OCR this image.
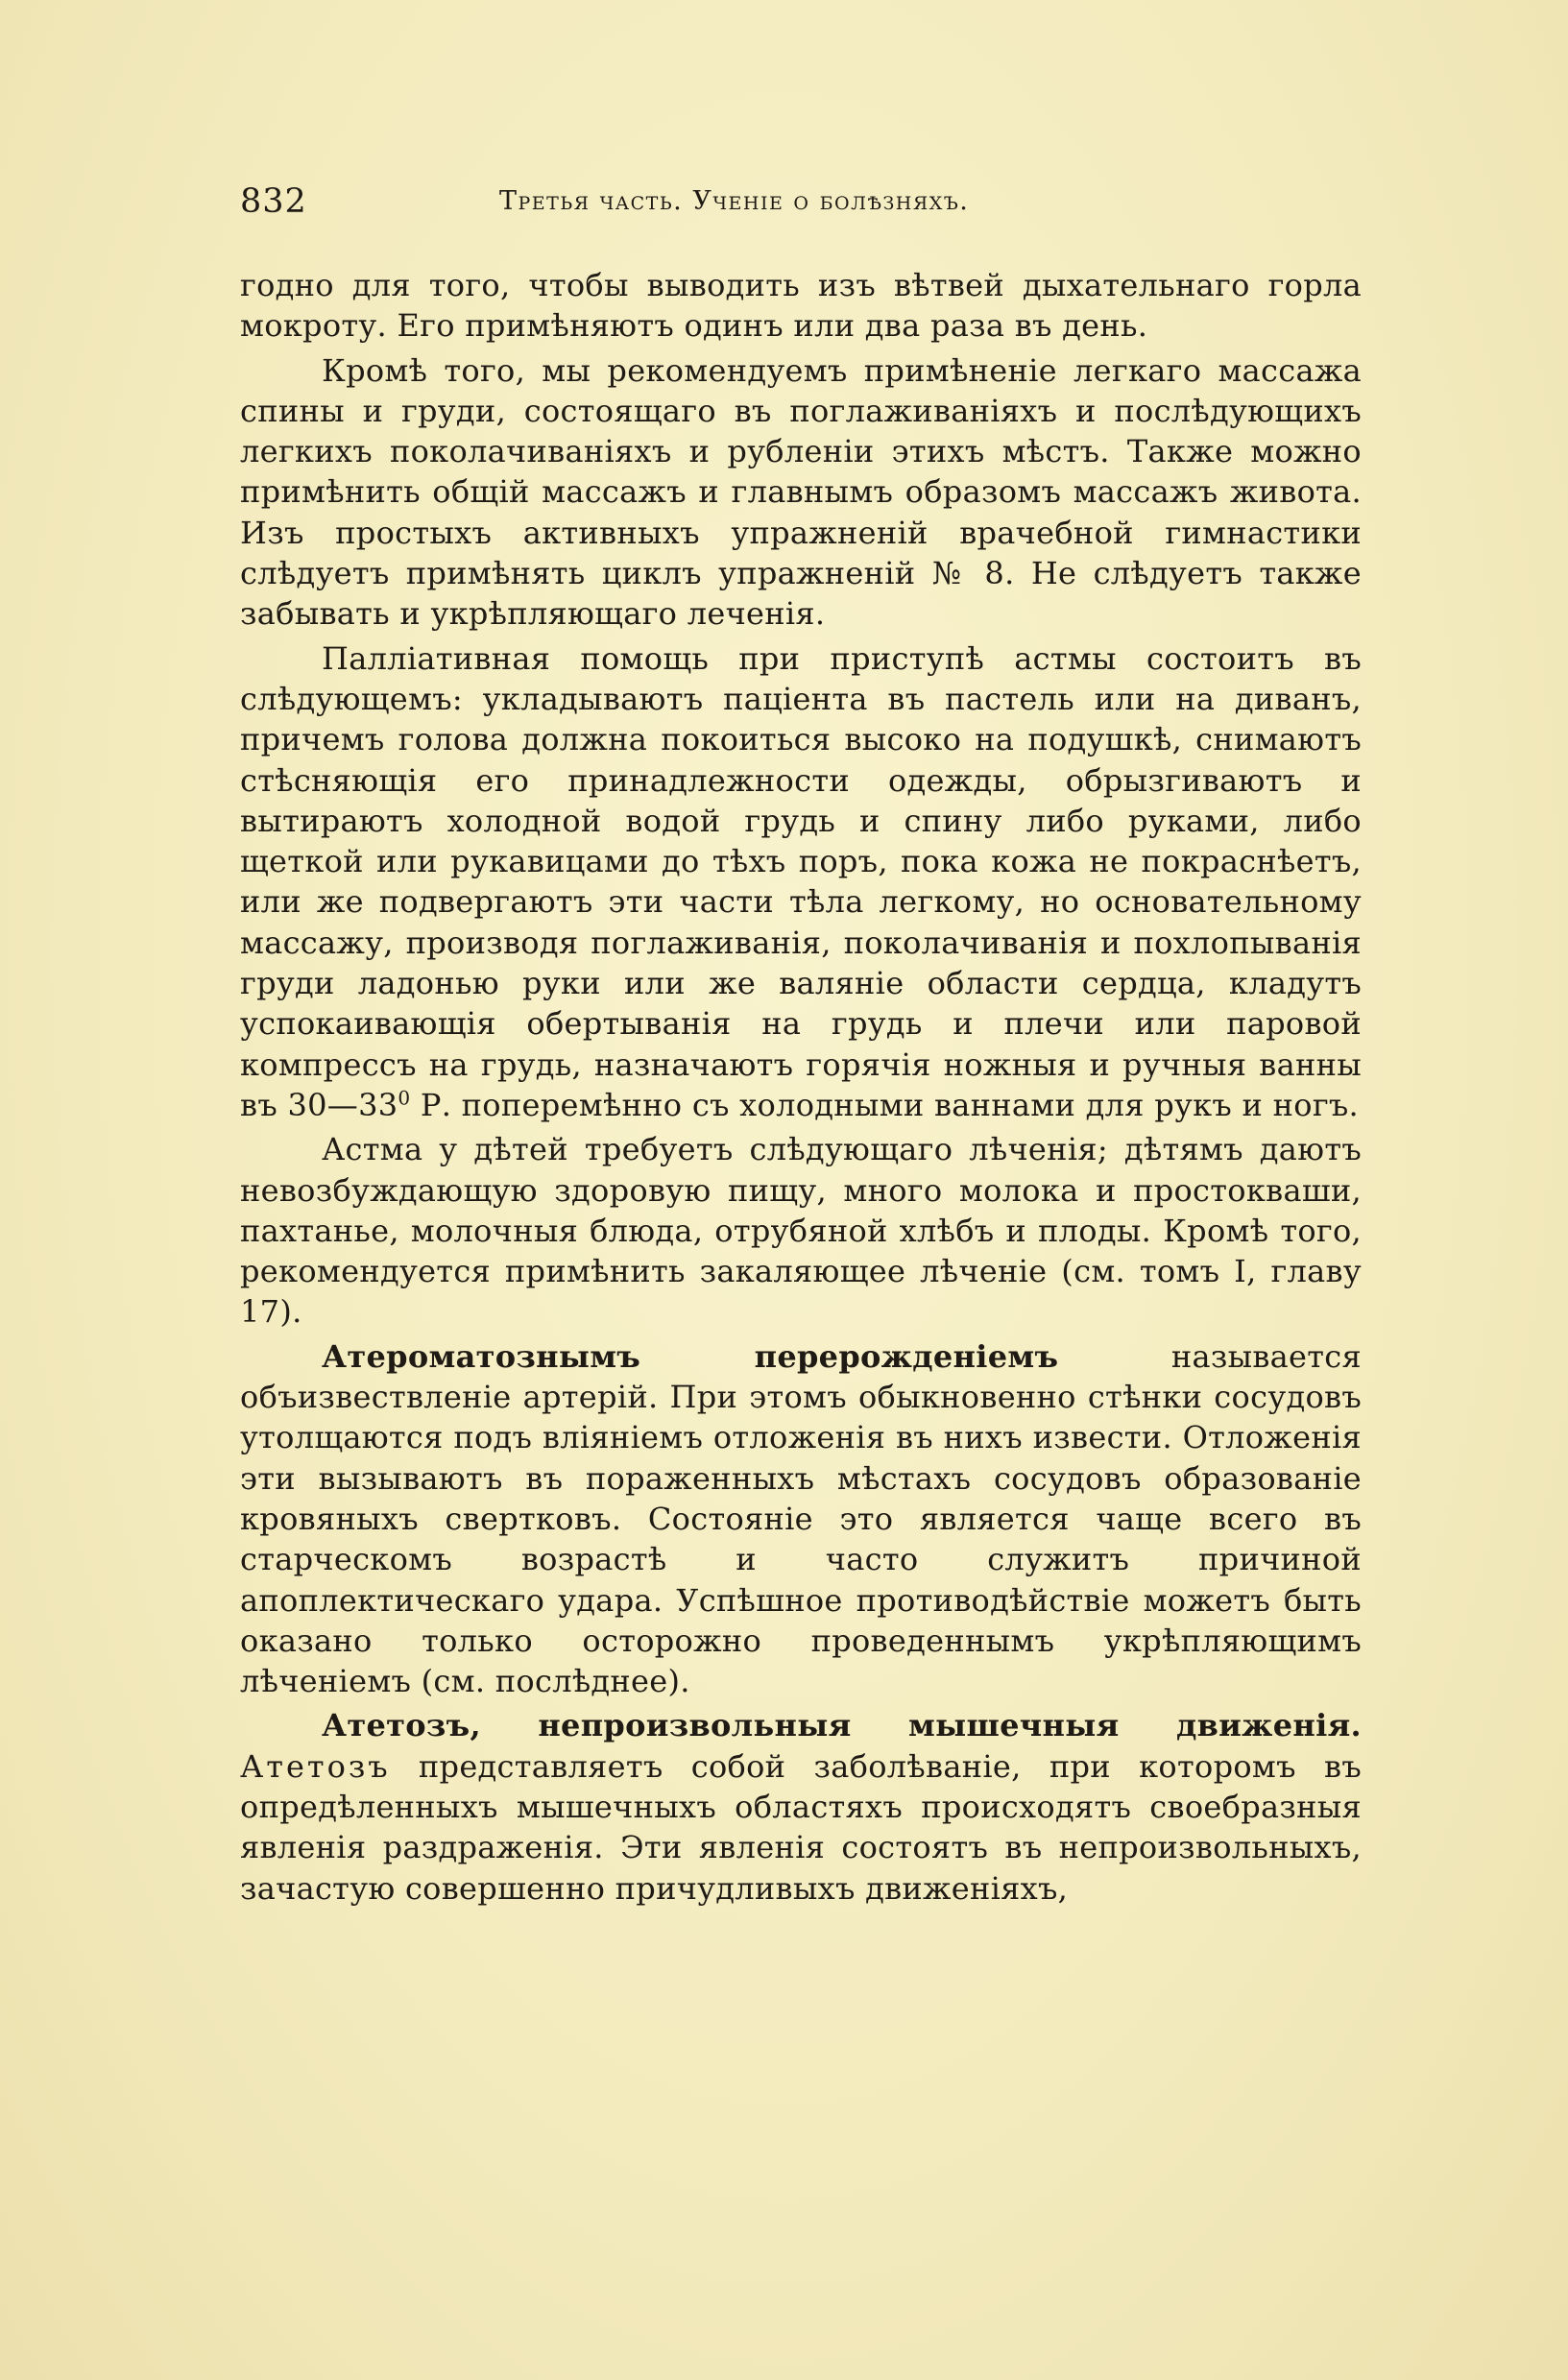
832	Третья часть. Ученіе о болѣзняхъ.

годно для того, чтобы выводить изъ вѣтвей дыхательнаго горла мокроту. Его примѣняютъ одинъ или два раза въ день.

Кромѣ того, мы рекомендуемъ примѣненіе легкаго массажа спины и груди, состоящаго въ поглаживаніяхъ и послѣдующихъ легкихъ поколачиваніяхъ и рубленіи этихъ мѣстъ. Также можно примѣнить общій массажъ и главнымъ образомъ массажъ живота. Изъ простыхъ активныхъ упражненій врачебной гимнастики слѣдуетъ примѣнять циклъ упражненій № 8. Не слѣдуетъ также забывать и укрѣпляющаго леченія.

Палліативная помощь при приступѣ астмы состоитъ въ слѣдующемъ: укладываютъ паціента въ пастель или на диванъ, причемъ голова должна покоиться высоко на подушкѣ, снимаютъ стѣсняющія его принадлежности одежды, обрызгиваютъ и вытираютъ холодной водой грудь и спину либо руками, либо щеткой или рукавицами до тѣхъ поръ, пока кожа не покраснѣетъ, или же подвергаютъ эти части тѣла легкому, но основательному массажу, производя поглаживанія, поколачиванія и похлопыванія груди ладонью руки или же валяніе области сердца, кладутъ успокаивающія обертыванія на грудь и плечи или паровой компрессъ на грудь, назначаютъ горячія ножныя и ручныя ванны въ $30—33^0$ Р. поперемѣнно съ холодными ваннами для рукъ и ногъ.

Астма у дѣтей требуетъ слѣдующаго лѣченія; дѣтямъ даютъ невозбуждающую здоровую пищу, много молока и простокваши, пахтанье, молочныя блюда, отрубяной хлѣбъ и плоды. Кромѣ того, рекомендуется примѣнить закаляющее лѣченіе (см. томъ I, главу 17).

Атероматознымъ перерожденіемъ называется объизвествленіе артерій. При этомъ обыкновенно стѣнки сосудовъ утолщаются подъ вліяніемъ отложенія въ нихъ извести. Отложенія эти вызываютъ въ пораженныхъ мѣстахъ сосудовъ образованіе кровяныхъ свертковъ. Состояніе это является чаще всего въ старческомъ возрастѣ и часто служитъ причиной апоплектическаго удара. Успѣшное противодѣйствіе можетъ быть оказано только осторожно проведеннымъ укрѣпляющимъ лѣченіемъ (см. послѣднее).

Атетозъ, непроизвольныя мышечныя движенія. Атетозъ представляетъ собой заболѣваніе, при которомъ въ опредѣленныхъ мышечныхъ областяхъ происходятъ своебразныя явленія раздраженія. Эти явленія состоятъ въ непроизвольныхъ, зачастую совершенно причудливыхъ движеніяхъ,
